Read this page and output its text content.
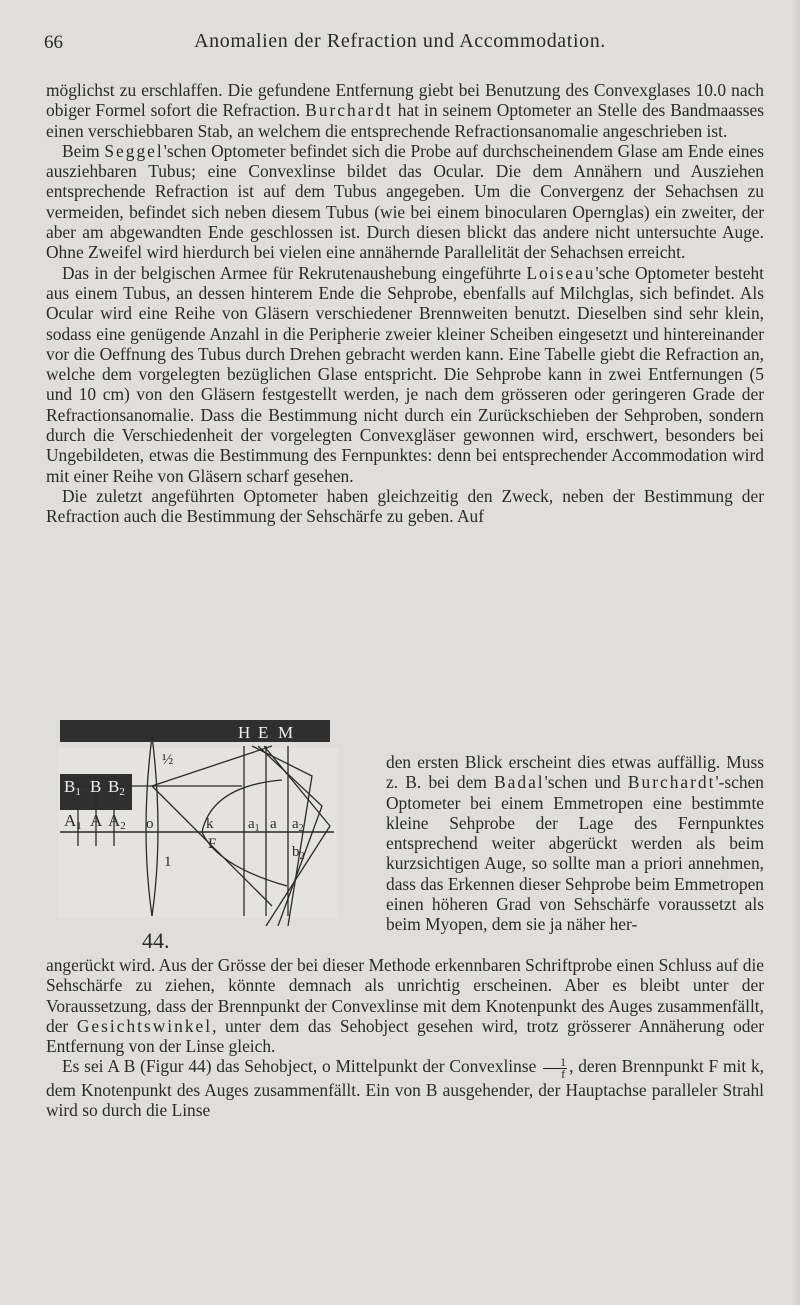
66	Anomalien der Refraction und Accommodation.

möglichst zu erschlaffen. Die gefundene Entfernung giebt bei Benutzung des Convexglases 10.0 nach obiger Formel sofort die Refraction. Burchardt hat in seinem Optometer an Stelle des Bandmaasses einen verschiebbaren Stab, an welchem die entsprechende Refractionsanomalie angeschrieben ist.

Beim Seggel'schen Optometer befindet sich die Probe auf durchscheinendem Glase am Ende eines ausziehbaren Tubus; eine Convexlinse bildet das Ocular. Die dem Annähern und Ausziehen entsprechende Refraction ist auf dem Tubus angegeben. Um die Convergenz der Sehachsen zu vermeiden, befindet sich neben diesem Tubus (wie bei einem binocularen Opernglas) ein zweiter, der aber am abgewandten Ende geschlossen ist. Durch diesen blickt das andere nicht untersuchte Auge. Ohne Zweifel wird hierdurch bei vielen eine annähernde Parallelität der Sehachsen erreicht.

Das in der belgischen Armee für Rekrutenaushebung eingeführte Loiseau'sche Optometer besteht aus einem Tubus, an dessen hinterem Ende die Sehprobe, ebenfalls auf Milchglas, sich befindet. Als Ocular wird eine Reihe von Gläsern verschiedener Brennweiten benutzt. Dieselben sind sehr klein, sodass eine genügende Anzahl in die Peripherie zweier kleiner Scheiben eingesetzt und hintereinander vor die Oeffnung des Tubus durch Drehen gebracht werden kann. Eine Tabelle giebt die Refraction an, welche dem vorgelegten bezüglichen Glase entspricht. Die Sehprobe kann in zwei Entfernungen (5 und 10 cm) von den Gläsern festgestellt werden, je nach dem grösseren oder geringeren Grade der Refractionsanomalie. Dass die Bestimmung nicht durch ein Zurückschieben der Sehproben, sondern durch die Verschiedenheit der vorgelegten Convexgläser gewonnen wird, erschwert, besonders bei Ungebildeten, etwas die Bestimmung des Fernpunktes: denn bei entsprechender Accommodation wird mit einer Reihe von Gläsern scharf gesehen.

Die zuletzt angeführten Optometer haben gleichzeitig den Zweck, neben der Bestimmung der Refraction auch die Bestimmung der Sehschärfe zu geben. Auf

den ersten Blick erscheint dies etwas auffällig. Muss z. B. bei dem Badal'schen und Burchardt'-schen Optometer bei einem Emmetropen eine bestimmte kleine Sehprobe der Lage des Fernpunktes entsprechend weiter abgerückt werden als beim kurzsichtigen Auge, so sollte man a priori annehmen, dass das Erkennen dieser Sehprobe beim Emmetropen einen höheren Grad von Sehschärfe voraussetzt als beim Myopen, dem sie ja näher her-

angerückt wird. Aus der Grösse der bei dieser Methode erkennbaren Schriftprobe einen Schluss auf die Sehschärfe zu ziehen, könnte demnach als unrichtig erscheinen. Aber es bleibt unter der Voraussetzung, dass der Brennpunkt der Convexlinse mit dem Knotenpunkt des Auges zusammenfällt, der Gesichtswinkel, unter dem das Sehobject gesehen wird, trotz grösserer Annäherung oder Entfernung von der Linse gleich.

Es sei A B (Figur 44) das Sehobject, o Mittelpunkt der Convexlinse $\frac{1}{f}$ , deren Brennpunkt F mit k, dem Knotenpunkt des Auges zusammenfällt. Ein von B ausgehender, der Hauptachse paralleler Strahl wird so durch die Linse

H E M
B1 B B2
A1 A A2
½
o	k
F
1
$a_1$ a $a_2$
$b_2$
44.
